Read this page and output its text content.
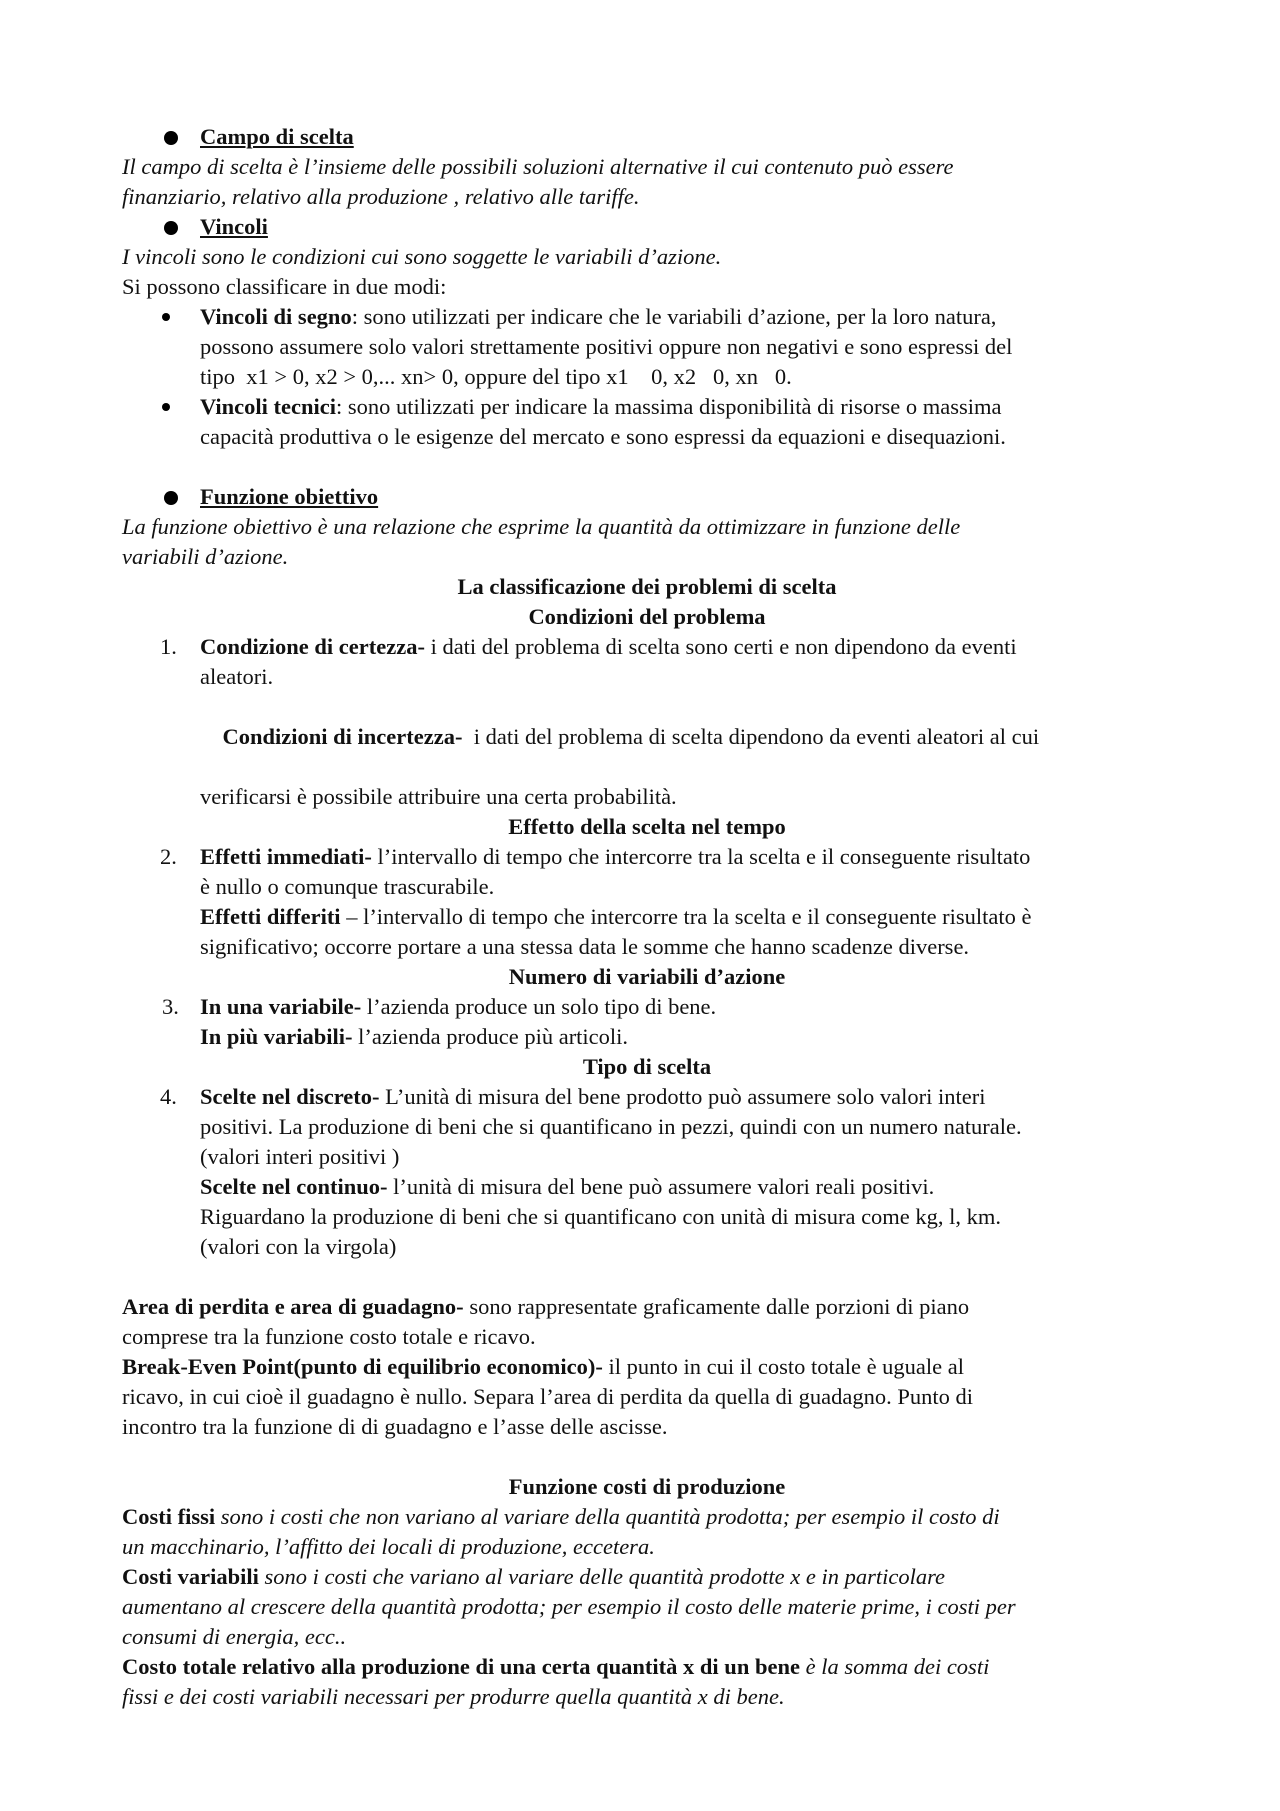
Campo di scelta
Il campo di scelta è l’insieme delle possibili soluzioni alternative il cui contenuto può essere
finanziario, relativo alla produzione , relativo alle tariffe.
Vincoli
I vincoli sono le condizioni cui sono soggette le variabili d’azione.
Si possono classificare in due modi:
Vincoli di segno: sono utilizzati per indicare che le variabili d’azione, per la loro natura,
possono assumere solo valori strettamente positivi oppure non negativi e sono espressi del
tipo  x1 > 0, x2 > 0,... xn> 0, oppure del tipo x1    0, x2   0, xn   0.
Vincoli tecnici: sono utilizzati per indicare la massima disponibilità di risorse o massima
capacità produttiva o le esigenze del mercato e sono espressi da equazioni e disequazioni.
Funzione obiettivo
La funzione obiettivo è una relazione che esprime la quantità da ottimizzare in funzione delle
variabili d’azione.
La classificazione dei problemi di scelta
Condizioni del problema
1.	Condizione di certezza- i dati del problema di scelta sono certi e non dipendono da eventi
aleatori.

Condizioni di incertezza-  i dati del problema di scelta dipendono da eventi aleatori al cui

verificarsi è possibile attribuire una certa probabilità.
Effetto della scelta nel tempo
2.	Effetti immediati- l’intervallo di tempo che intercorre tra la scelta e il conseguente risultato
è nullo o comunque trascurabile.
Effetti differiti – l’intervallo di tempo che intercorre tra la scelta e il conseguente risultato è
significativo; occorre portare a una stessa data le somme che hanno scadenze diverse.
Numero di variabili d’azione
3. In una variabile- l’azienda produce un solo tipo di bene.
In più variabili- l’azienda produce più articoli.
Tipo di scelta
4.	Scelte nel discreto- L’unità di misura del bene prodotto può assumere solo valori interi
positivi. La produzione di beni che si quantificano in pezzi, quindi con un numero naturale.
(valori interi positivi )
Scelte nel continuo- l’unità di misura del bene può assumere valori reali positivi.
Riguardano la produzione di beni che si quantificano con unità di misura come kg, l, km.
(valori con la virgola)
Area di perdita e area di guadagno- sono rappresentate graficamente dalle porzioni di piano
comprese tra la funzione costo totale e ricavo.
Break-Even Point(punto di equilibrio economico)- il punto in cui il costo totale è uguale al
ricavo, in cui cioè il guadagno è nullo. Separa l’area di perdita da quella di guadagno. Punto di
incontro tra la funzione di di guadagno e l’asse delle ascisse.
Funzione costi di produzione
Costi fissi sono i costi che non variano al variare della quantità prodotta; per esempio il costo di
un macchinario, l’affitto dei locali di produzione, eccetera.
Costi variabili sono i costi che variano al variare delle quantità prodotte x e in particolare
aumentano al crescere della quantità prodotta; per esempio il costo delle materie prime, i costi per
consumi di energia, ecc..
Costo totale relativo alla produzione di una certa quantità x di un bene è la somma dei costi
fissi e dei costi variabili necessari per produrre quella quantità x di bene.
